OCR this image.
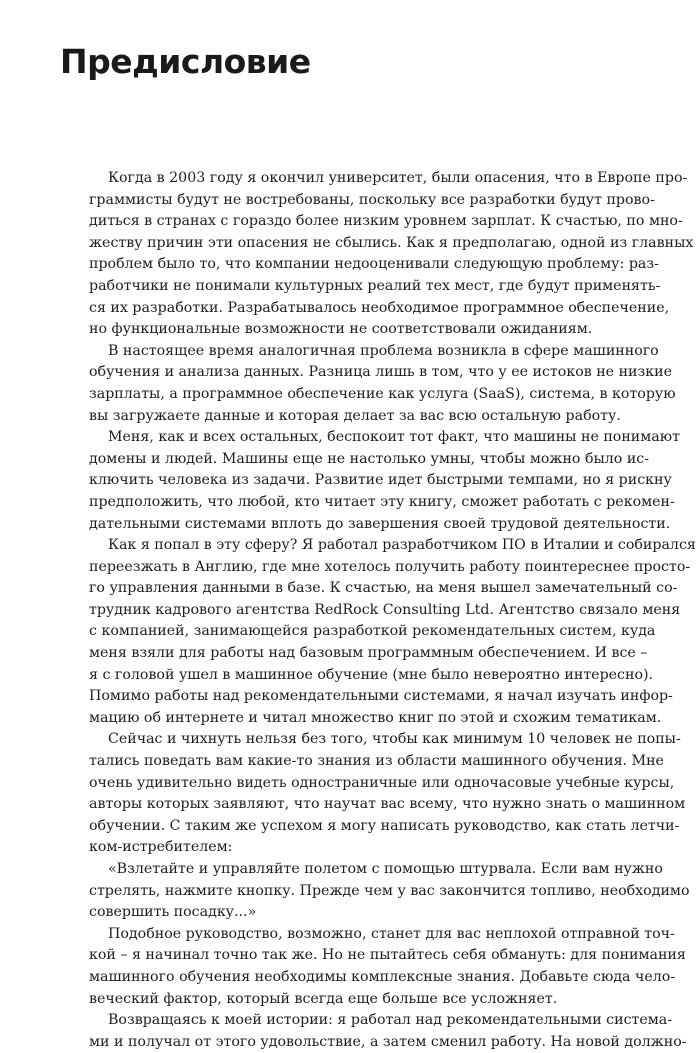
Предисловие
Когда в 2003 году я окончил университет, были опасения, что в Европе про-
граммисты будут не востребованы, поскольку все разработки будут прово-
диться в странах с гораздо более низким уровнем зарплат. К счастью, по мно-
жеству причин эти опасения не сбылись. Как я предполагаю, одной из главных
проблем было то, что компании недооценивали следующую проблему: раз-
работчики не понимали культурных реалий тех мест, где будут применять-
ся их разработки. Разрабатывалось необходимое программное обеспечение,
но функциональные возможности не соответствовали ожиданиям.
В настоящее время аналогичная проблема возникла в сфере машинного
обучения и анализа данных. Разница лишь в том, что у ее истоков не низкие
зарплаты, а программное обеспечение как услуга (SaaS), система, в которую
вы загружаете данные и которая делает за вас всю остальную работу.
Меня, как и всех остальных, беспокоит тот факт, что машины не понимают
домены и людей. Машины еще не настолько умны, чтобы можно было ис-
ключить человека из задачи. Развитие идет быстрыми темпами, но я рискну
предположить, что любой, кто читает эту книгу, сможет работать с рекомен-
дательными системами вплоть до завершения своей трудовой деятельности.
Как я попал в эту сферу? Я работал разработчиком ПО в Италии и собирался
переезжать в Англию, где мне хотелось получить работу поинтереснее просто-
го управления данными в базе. К счастью, на меня вышел замечательный со-
трудник кадрового агентства RedRock Consulting Ltd. Агентство связало меня
с компанией, занимающейся разработкой рекомендательных систем, куда
меня взяли для работы над базовым программным обеспечением. И все –
я с головой ушел в машинное обучение (мне было невероятно интересно).
Помимо работы над рекомендательными системами, я начал изучать инфор-
мацию об интернете и читал множество книг по этой и схожим тематикам.
Сейчас и чихнуть нельзя без того, чтобы как минимум 10 человек не попы-
тались поведать вам какие-то знания из области машинного обучения. Мне
очень удивительно видеть одностраничные или одночасовые учебные курсы,
авторы которых заявляют, что научат вас всему, что нужно знать о машинном
обучении. С таким же успехом я могу написать руководство, как стать летчи-
ком-истребителем:
«Взлетайте и управляйте полетом с помощью штурвала. Если вам нужно
стрелять, нажмите кнопку. Прежде чем у вас закончится топливо, необходимо
совершить посадку...»
Подобное руководство, возможно, станет для вас неплохой отправной точ-
кой – я начинал точно так же. Но не пытайтесь себя обмануть: для понимания
машинного обучения необходимы комплексные знания. Добавьте сюда чело-
веческий фактор, который всегда еще больше все усложняет.
Возвращаясь к моей истории: я работал над рекомендательными система-
ми и получал от этого удовольствие, а затем сменил работу. На новой должно-
